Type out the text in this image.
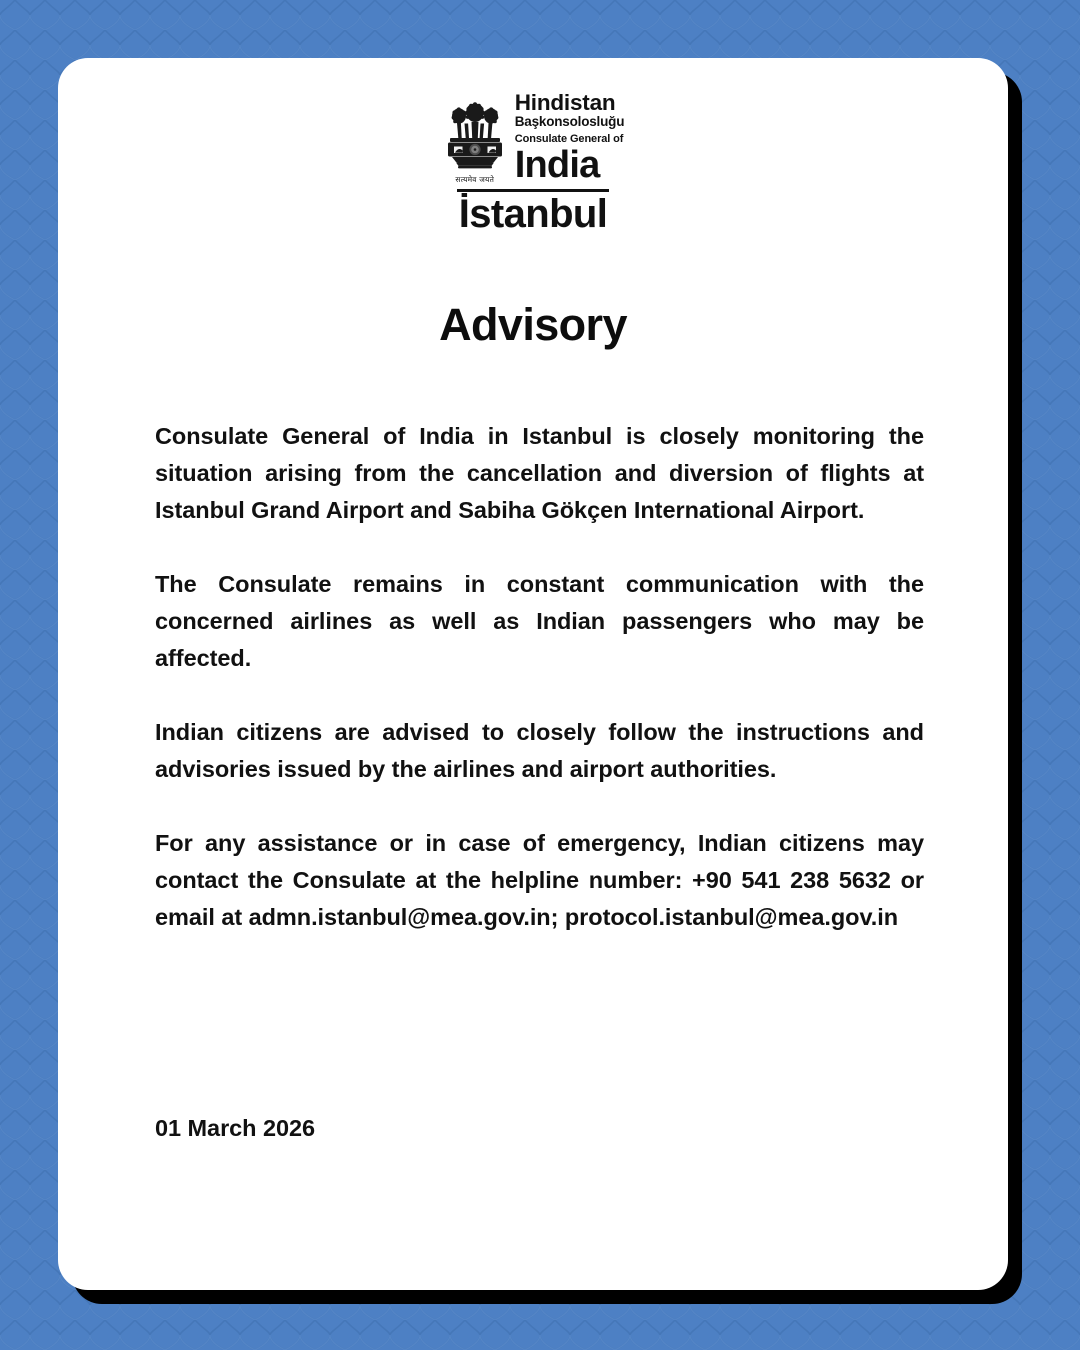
सत्यमेव जयते
Hindistan
Başkonsolosluğu
Consulate General of
India
İstanbul
Advisory

Consulate General of India in Istanbul is closely monitoring the situation arising from the cancellation and diversion of flights at Istanbul Grand Airport and Sabiha Gökçen International Airport.

The Consulate remains in constant communication with the concerned airlines as well as Indian passengers who may be affected.

Indian citizens are advised to closely follow the instructions and advisories issued by the airlines and airport authorities.

For any assistance or in case of emergency, Indian citizens may contact the Consulate at the helpline number: +90 541 238 5632 or email at admn.istanbul@mea.gov.in; protocol.istanbul@mea.gov.in

01 March 2026
